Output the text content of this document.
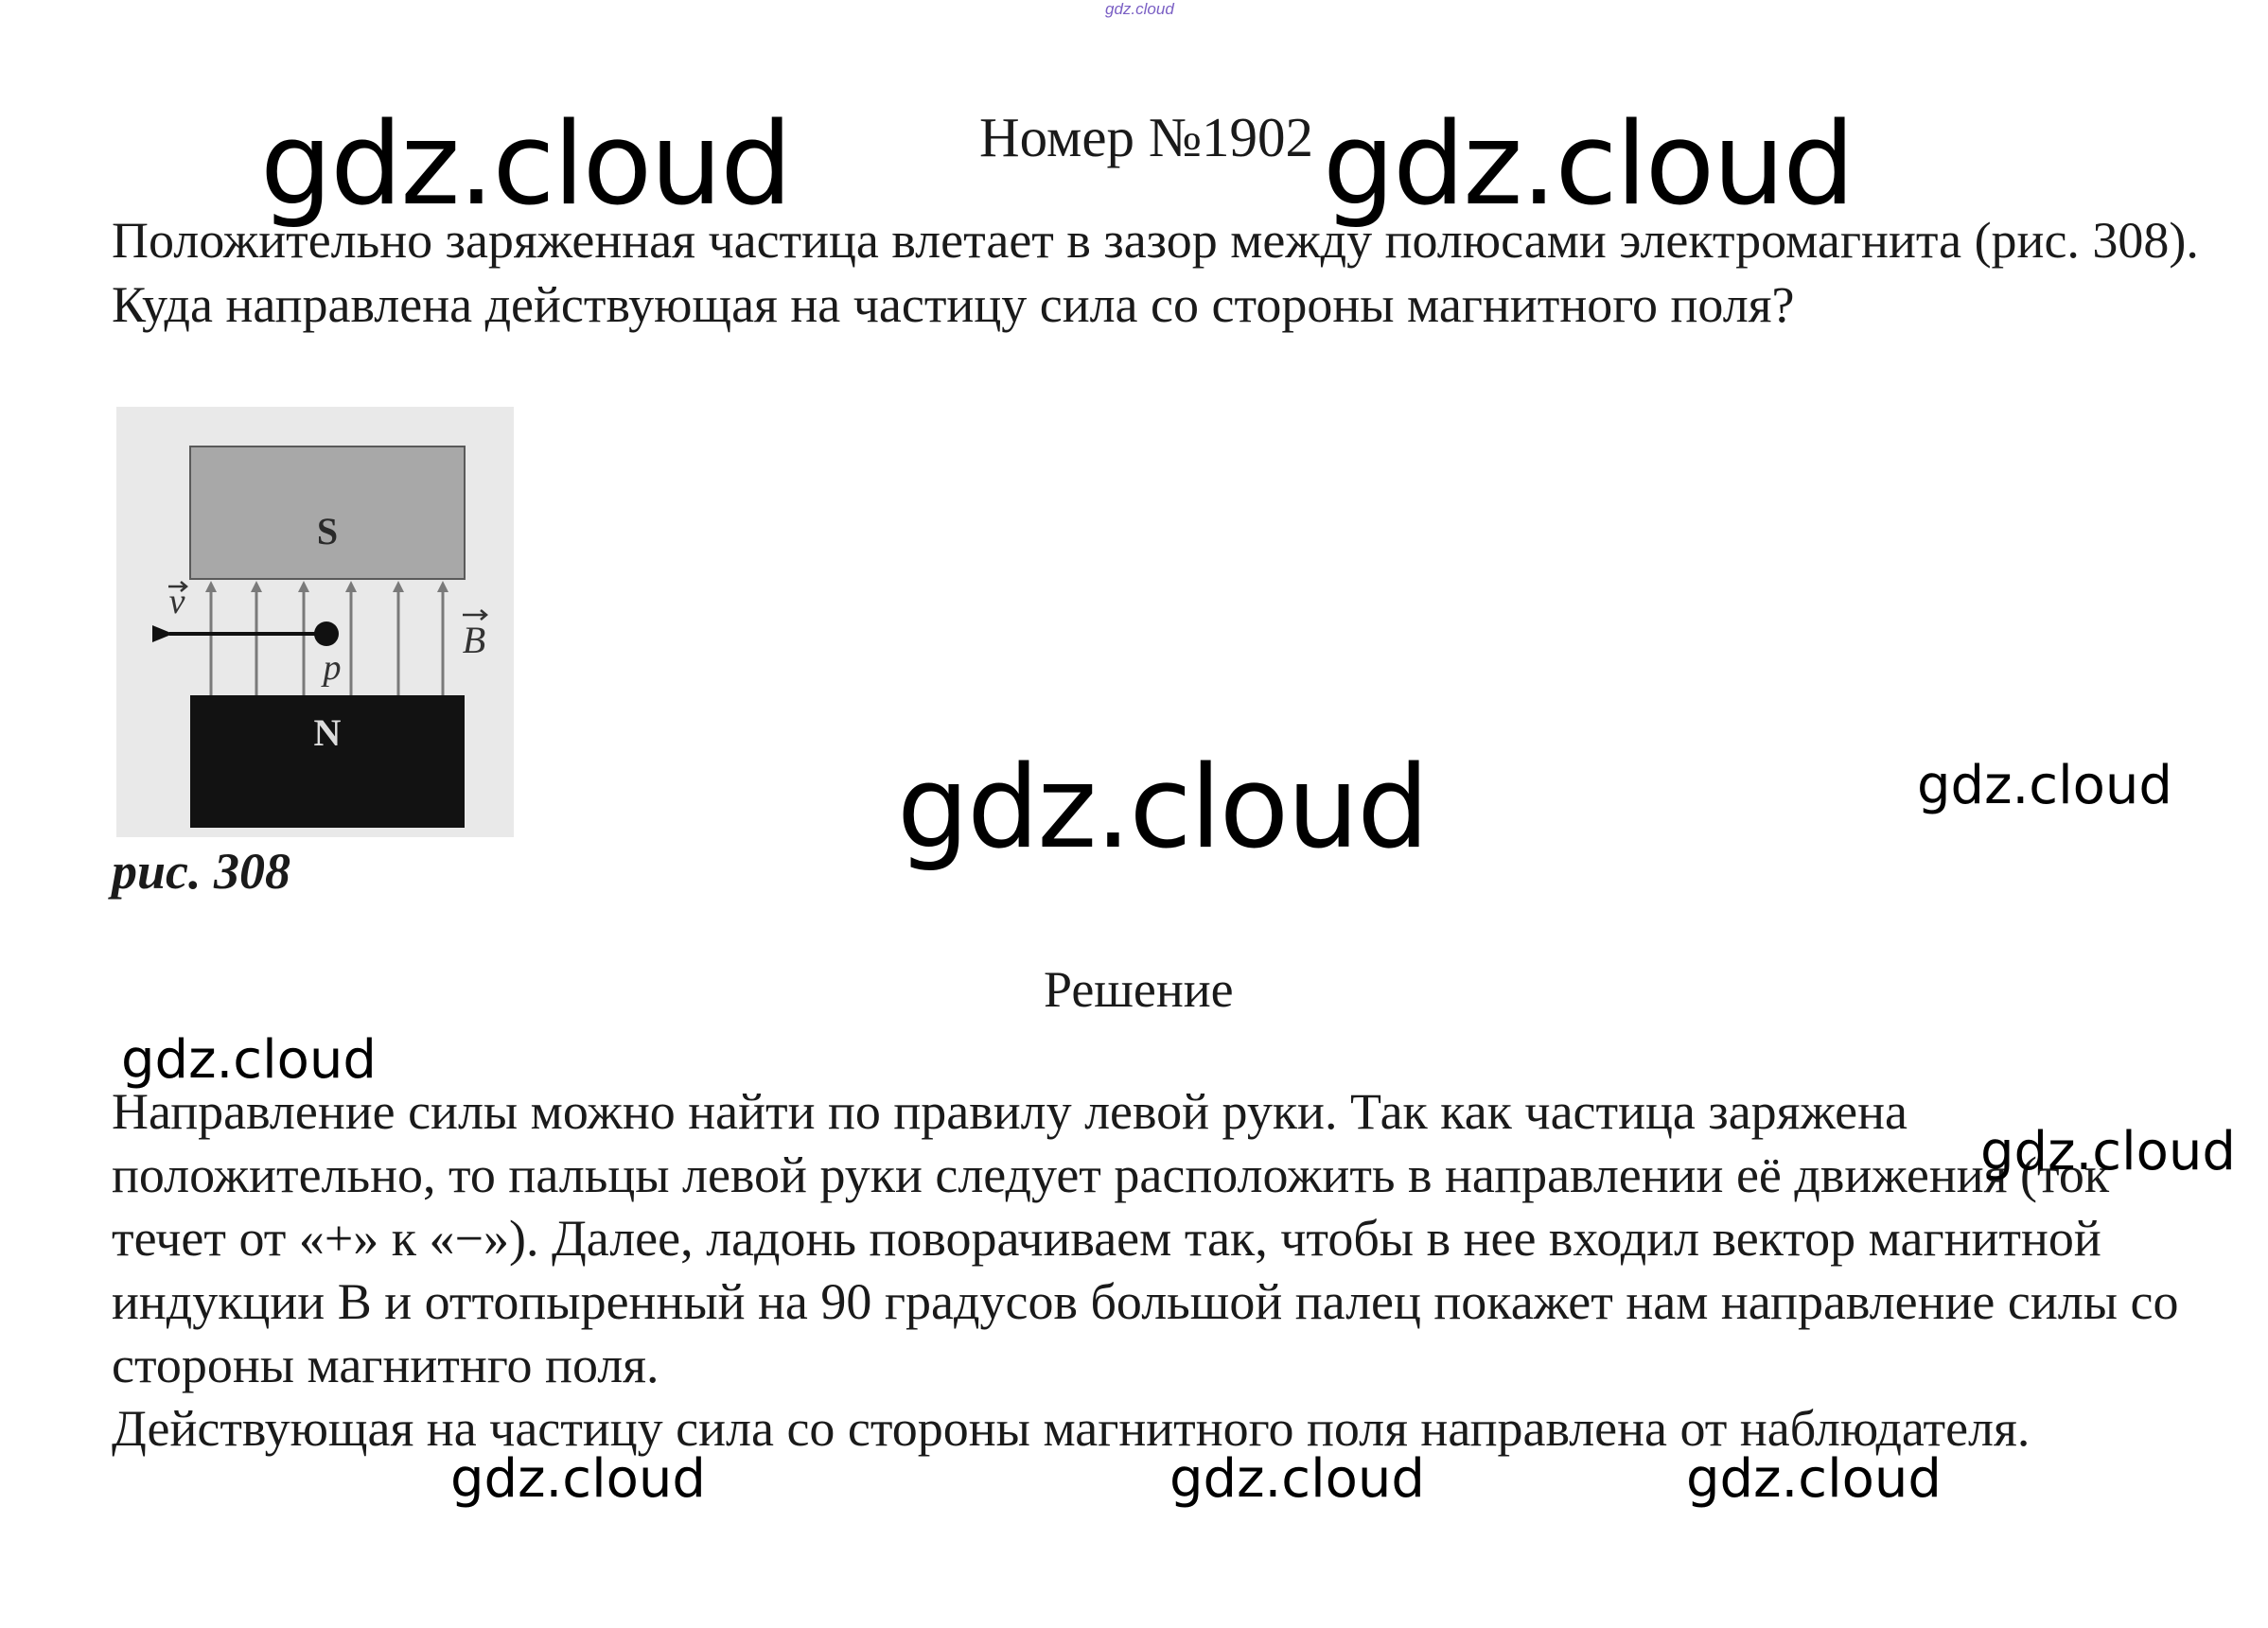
gdz.cloud
Номер №1902
Положительно заряженная частица влетает в зазор между полюсами электромагнита (рис. 308). Куда направлена действующая на частицу сила со стороны магнитного поля?
S
N
v
B
p
рис. 308
Решение

Направление силы можно найти по правилу левой руки. Так как частица заряжена положительно, то пальцы левой руки следует расположить в направлении её движения (ток течет от «+» к «−»). Далее, ладонь поворачиваем так, чтобы в нее входил вектор магнитной индукции В и оттопыренный на 90 градусов большой палец покажет нам направление силы со стороны магнитнго поля.

Действующая на частицу сила со стороны магнитного поля направлена от наблюдателя.

gdz.cloud	gdz.cloud
gdz.cloud	gdz.cloud
gdz.cloud
gdz.cloud
gdz.cloud	gdz.cloud	gdz.cloud
